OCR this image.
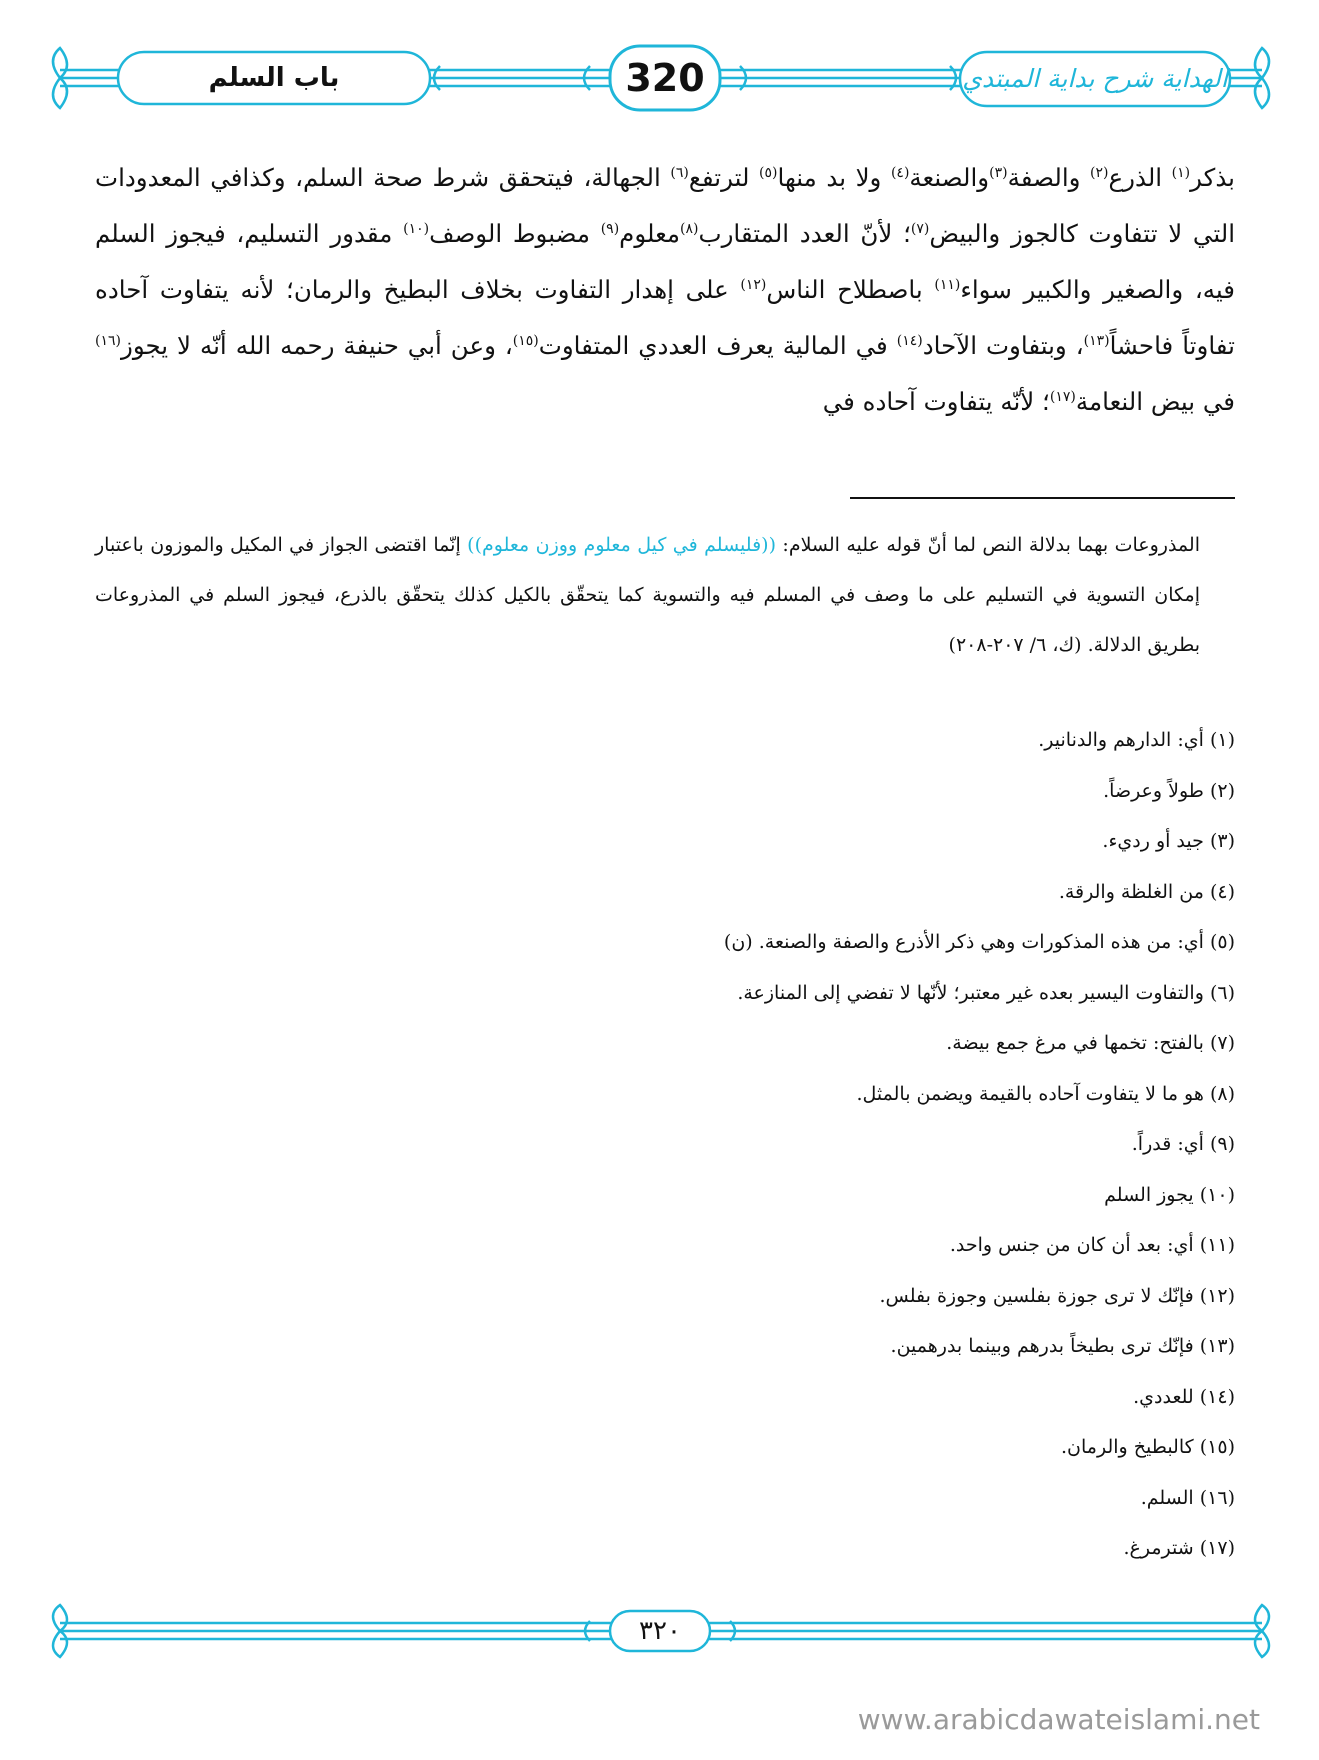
باب السلم	320	الهداية شرح بداية المبتدي
بذكر$^{(١)}$ الذرع$^{(٢)}$ والصفة$^{(٣)}$والصنعة$^{(٤)}$ ولا بد منها$^{(٥)}$ لترتفع$^{(٦)}$ الجهالة، فيتحقق شرط صحة السلم، وكذافي المعدودات التي لا تتفاوت كالجوز والبيض$^{(٧)}$؛ لأنّ العدد المتقارب$^{(٨)}$معلوم$^{(٩)}$ مضبوط الوصف$^{(١٠)}$ مقدور التسليم، فيجوز السلم فيه، والصغير والكبير سواء$^{(١١)}$ باصطلاح الناس$^{(١٢)}$ على إهدار التفاوت بخلاف البطيخ والرمان؛ لأنه يتفاوت آحاده تفاوتاً فاحشاً$^{(١٣)}$، وبتفاوت الآحاد$^{(١٤)}$ في المالية يعرف العددي المتفاوت$^{(١٥)}$، وعن أبي حنيفة رحمه الله أنّه لا يجوز$^{(١٦)}$ في بيض النعامة$^{(١٧)}$؛ لأنّه يتفاوت آحاده في
المذروعات بهما بدلالة النص لما أنّ قوله عليه السلام: ((فليسلم في كيل معلوم ووزن معلوم)) إنّما اقتضى الجواز في المكيل والموزون باعتبار إمكان التسوية في التسليم على ما وصف في المسلم فيه والتسوية كما يتحقّق بالكيل كذلك يتحقّق بالذرع، فيجوز السلم في المذروعات بطريق الدلالة. (ك، ٦/ ٢٠٧-٢٠٨)
(١) أي: الدارهم والدنانير.
(٢) طولاً وعرضاً.
(٣) جيد أو رديء.
(٤) من الغلظة والرقة.
(٥) أي: من هذه المذكورات وهي ذكر الأذرع والصفة والصنعة. (ن)
(٦) والتفاوت اليسير بعده غير معتبر؛ لأنّها لا تفضي إلى المنازعة.
(٧) بالفتح: تخمها في مرغ جمع بيضة.
(٨) هو ما لا يتفاوت آحاده بالقيمة ويضمن بالمثل.
(٩) أي: قدراً.
(١٠) يجوز السلم
(١١) أي: بعد أن كان من جنس واحد.
(١٢) فإنّك لا ترى جوزة بفلسين وجوزة بفلس.
(١٣) فإنّك ترى بطيخاً بدرهم وبينما بدرهمين.
(١٤) للعددي.
(١٥) كالبطيخ والرمان.
(١٦) السلم.
(١٧) شترمرغ.
٣٢٠
www.arabicdawateislami.net
